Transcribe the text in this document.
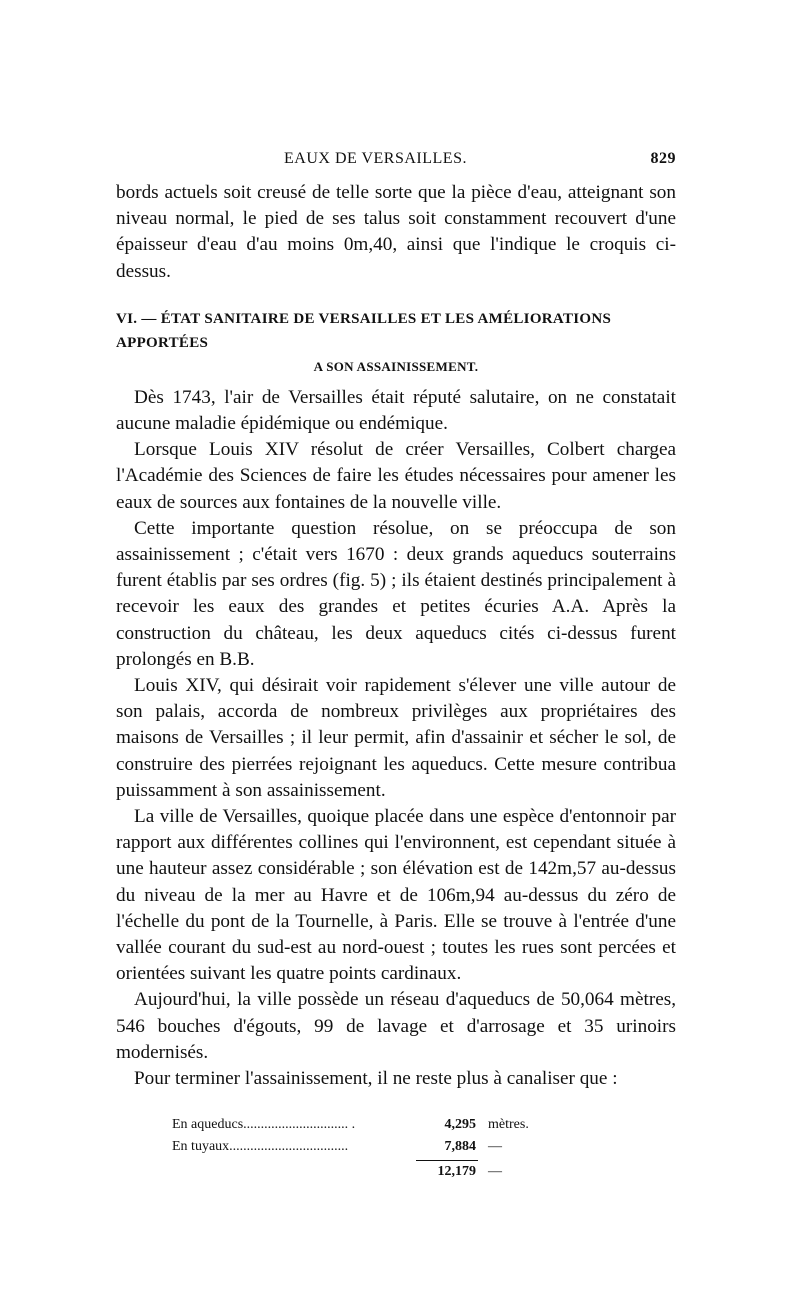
EAUX DE VERSAILLES.	829

bords actuels soit creusé de telle sorte que la pièce d'eau, atteignant son niveau normal, le pied de ses talus soit constamment recouvert d'une épaisseur d'eau d'au moins 0m,40, ainsi que l'indique le croquis ci-dessus.

VI. — ÉTAT SANITAIRE DE VERSAILLES ET LES AMÉLIORATIONS APPORTÉES
A SON ASSAINISSEMENT.

Dès 1743, l'air de Versailles était réputé salutaire, on ne constatait aucune maladie épidémique ou endémique.

Lorsque Louis XIV résolut de créer Versailles, Colbert chargea l'Académie des Sciences de faire les études nécessaires pour amener les eaux de sources aux fontaines de la nouvelle ville.

Cette importante question résolue, on se préoccupa de son assainissement ; c'était vers 1670 : deux grands aqueducs souterrains furent établis par ses ordres (fig. 5) ; ils étaient destinés principalement à recevoir les eaux des grandes et petites écuries A.A. Après la construction du château, les deux aqueducs cités ci-dessus furent prolongés en B.B.

Louis XIV, qui désirait voir rapidement s'élever une ville autour de son palais, accorda de nombreux privilèges aux propriétaires des maisons de Versailles ; il leur permit, afin d'assainir et sécher le sol, de construire des pierrées rejoignant les aqueducs. Cette mesure contribua puissamment à son assainissement.

La ville de Versailles, quoique placée dans une espèce d'entonnoir par rapport aux différentes collines qui l'environnent, est cependant située à une hauteur assez considérable ; son élévation est de 142m,57 au-dessus du niveau de la mer au Havre et de 106m,94 au-dessus du zéro de l'échelle du pont de la Tournelle, à Paris. Elle se trouve à l'entrée d'une vallée courant du sud-est au nord-ouest ; toutes les rues sont percées et orientées suivant les quatre points cardinaux.

Aujourd'hui, la ville possède un réseau d'aqueducs de 50,064 mètres, 546 bouches d'égouts, 99 de lavage et d'arrosage et 35 urinoirs modernisés.

Pour terminer l'assainissement, il ne reste plus à canaliser que :

En aqueducs.............................. .	4,295 mètres.
En tuyaux..................................	7,884 —
12,179 —
